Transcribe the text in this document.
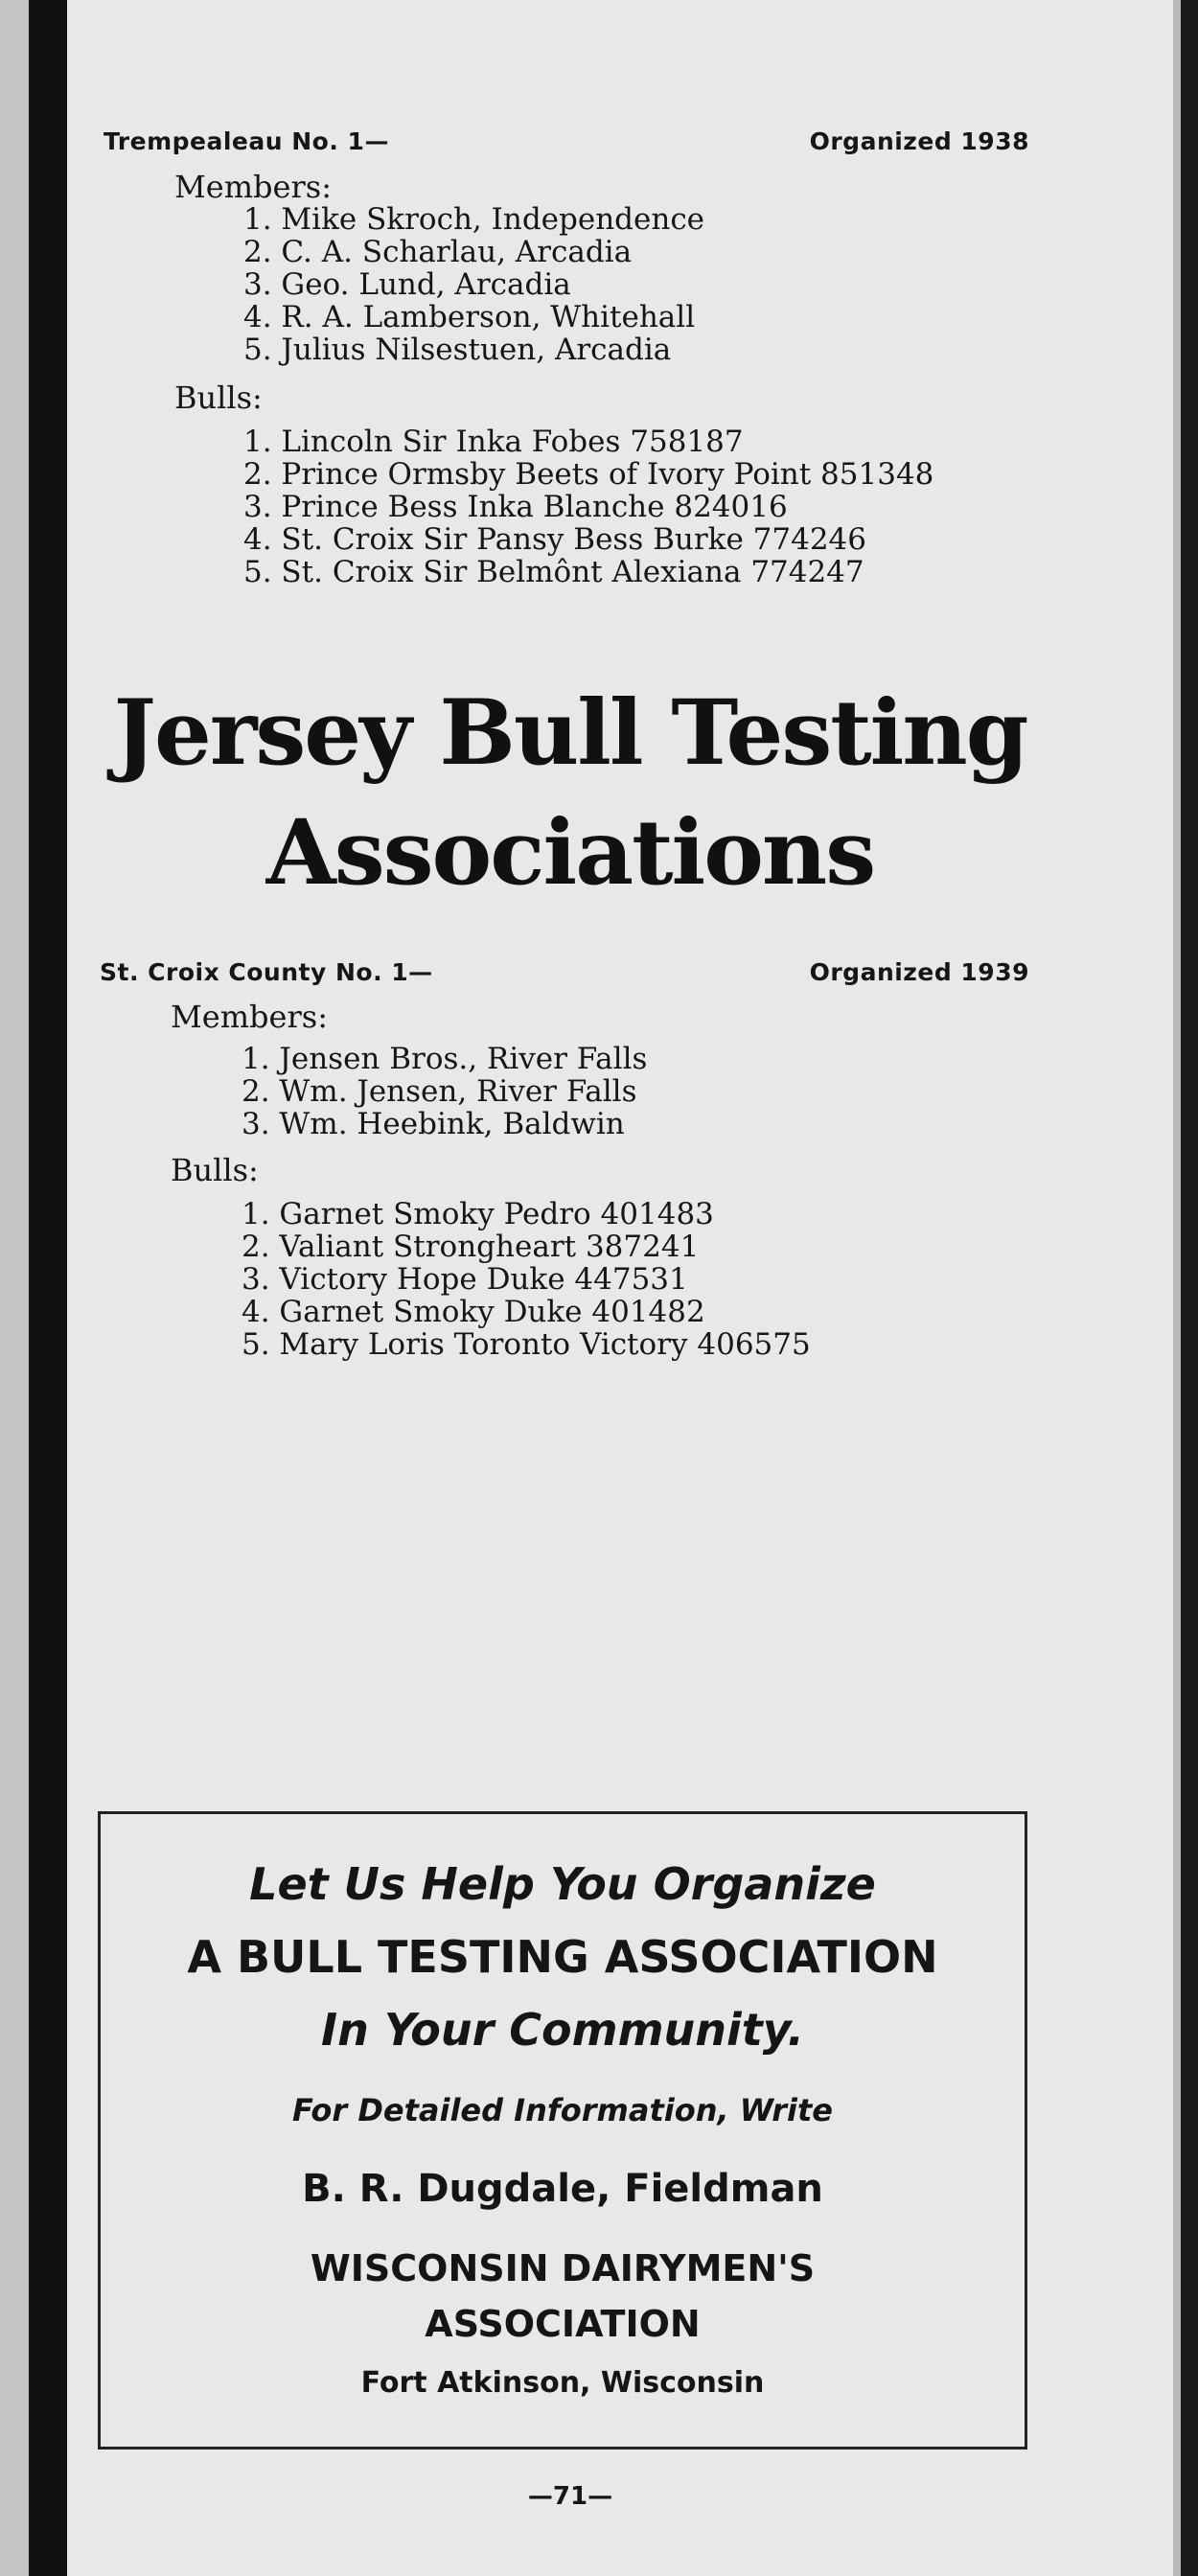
Trempealeau No. 1—	Organized 1938
Members:
1. Mike Skroch, Independence
2. C. A. Scharlau, Arcadia
3. Geo. Lund, Arcadia
4. R. A. Lamberson, Whitehall
5. Julius Nilsestuen, Arcadia
Bulls:
1. Lincoln Sir Inka Fobes 758187
2. Prince Ormsby Beets of Ivory Point 851348
3. Prince Bess Inka Blanche 824016
4. St. Croix Sir Pansy Bess Burke 774246
5. St. Croix Sir Belmônt Alexiana 774247
Jersey Bull Testing
Associations
St. Croix County No. 1—	Organized 1939
Members:
1. Jensen Bros., River Falls
2. Wm. Jensen, River Falls
3. Wm. Heebink, Baldwin
Bulls:
1. Garnet Smoky Pedro 401483
2. Valiant Strongheart 387241
3. Victory Hope Duke 447531
4. Garnet Smoky Duke 401482
5. Mary Loris Toronto Victory 406575
Let Us Help You Organize
A BULL TESTING ASSOCIATION
In Your Community.
For Detailed Information, Write
B. R. Dugdale, Fieldman
WISCONSIN DAIRYMEN'S
ASSOCIATION
Fort Atkinson, Wisconsin
—71—
